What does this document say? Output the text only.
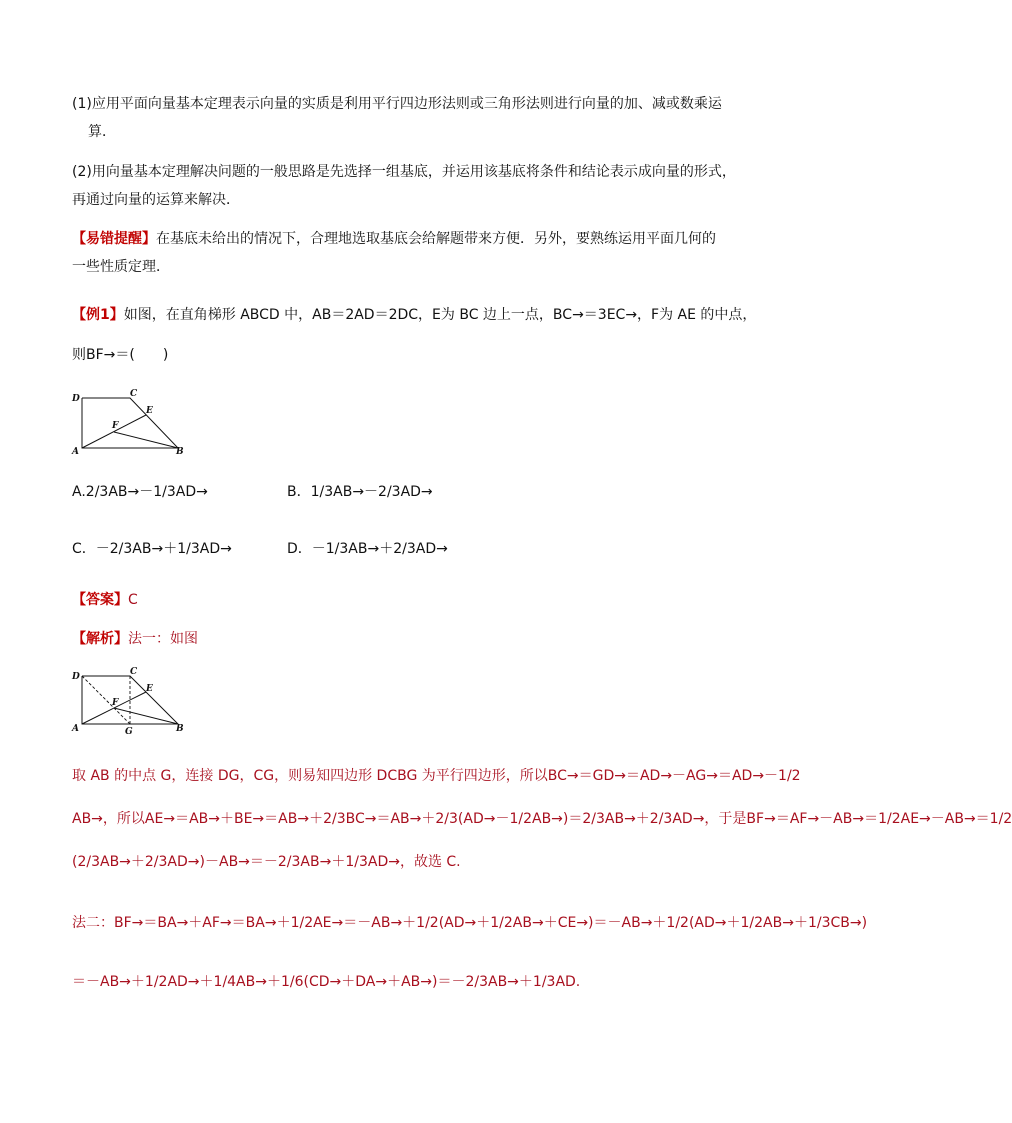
(1)应用平面向量基本定理表示向量的实质是利用平行四边形法则或三角形法则进行向量的加、减或数乘运
算．
(2)用向量基本定理解决问题的一般思路是先选择一组基底，并运用该基底将条件和结论表示成向量的形式，
再通过向量的运算来解决．
【易错提醒】在基底未给出的情况下，合理地选取基底会给解题带来方便．另外，要熟练运用平面几何的
一些性质定理．
【例1】如图，在直角梯形 ABCD 中，AB＝2AD＝2DC，E为 BC 边上一点，BC→＝3EC→，F为 AE 的中点，
则BF→＝(　　)
D	C
E
F
A	B
A.2/3AB→－1/3AD→	B．1/3AB→－2/3AD→
C．－2/3AB→＋1/3AD→	D．－1/3AB→＋2/3AD→
【答案】C
【解析】法一：如图
D	C
E
F
A	G	B
取 AB 的中点 G，连接 DG，CG，则易知四边形 DCBG 为平行四边形，所以BC→＝GD→＝AD→－AG→＝AD→－1/2
AB→，所以AE→＝AB→＋BE→＝AB→＋2/3BC→＝AB→＋2/3(AD→－1/2AB→)＝2/3AB→＋2/3AD→，于是BF→＝AF→－AB→＝1/2AE→－AB→＝1/2
(2/3AB→＋2/3AD→)－AB→＝－2/3AB→＋1/3AD→，故选 C.
法二：BF→＝BA→＋AF→＝BA→＋1/2AE→＝－AB→＋1/2(AD→＋1/2AB→＋CE→)＝－AB→＋1/2(AD→＋1/2AB→＋1/3CB→)
＝－AB→＋1/2AD→＋1/4AB→＋1/6(CD→＋DA→＋AB→)＝－2/3AB→＋1/3AD.
